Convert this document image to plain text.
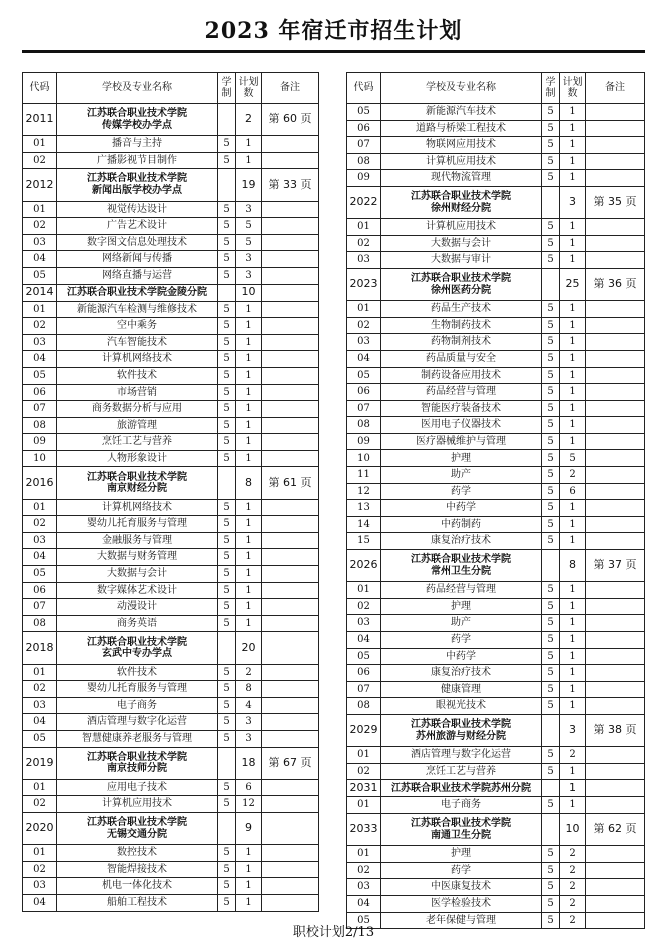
2023 年宿迁市招生计划
代码	学校及专业名称	学制	计划数	备注
2011	江苏联合职业技术学院
传媒学校办学点		2	第 60 页
01	播音与主持	5	1	
02	广播影视节目制作	5	1	
2012	江苏联合职业技术学院
新闻出版学校办学点		19	第 33 页
01	视觉传达设计	5	3	
02	广告艺术设计	5	5	
03	数字图文信息处理技术	5	5	
04	网络新闻与传播	5	3	
05	网络直播与运营	5	3	
2014	江苏联合职业技术学院金陵分院		10	
01	新能源汽车检测与维修技术	5	1	
02	空中乘务	5	1	
03	汽车智能技术	5	1	
04	计算机网络技术	5	1	
05	软件技术	5	1	
06	市场营销	5	1	
07	商务数据分析与应用	5	1	
08	旅游管理	5	1	
09	烹饪工艺与营养	5	1	
10	人物形象设计	5	1	
2016	江苏联合职业技术学院
南京财经分院		8	第 61 页
01	计算机网络技术	5	1	
02	婴幼儿托育服务与管理	5	1	
03	金融服务与管理	5	1	
04	大数据与财务管理	5	1	
05	大数据与会计	5	1	
06	数字媒体艺术设计	5	1	
07	动漫设计	5	1	
08	商务英语	5	1	
2018	江苏联合职业技术学院
玄武中专办学点		20	
01	软件技术	5	2	
02	婴幼儿托育服务与管理	5	8	
03	电子商务	5	4	
04	酒店管理与数字化运营	5	3	
05	智慧健康养老服务与管理	5	3	
2019	江苏联合职业技术学院
南京技师分院		18	第 67 页
01	应用电子技术	5	6	
02	计算机应用技术	5	12	
2020	江苏联合职业技术学院
无锡交通分院		9	
01	数控技术	5	1	
02	智能焊接技术	5	1	
03	机电一体化技术	5	1	
04	船舶工程技术	5	1	
代码	学校及专业名称	学制	计划数	备注
05	新能源汽车技术	5	1	
06	道路与桥梁工程技术	5	1	
07	物联网应用技术	5	1	
08	计算机应用技术	5	1	
09	现代物流管理	5	1	
2022	江苏联合职业技术学院
徐州财经分院		3	第 35 页
01	计算机应用技术	5	1	
02	大数据与会计	5	1	
03	大数据与审计	5	1	
2023	江苏联合职业技术学院
徐州医药分院		25	第 36 页
01	药品生产技术	5	1	
02	生物制药技术	5	1	
03	药物制剂技术	5	1	
04	药品质量与安全	5	1	
05	制药设备应用技术	5	1	
06	药品经营与管理	5	1	
07	智能医疗装备技术	5	1	
08	医用电子仪器技术	5	1	
09	医疗器械维护与管理	5	1	
10	护理	5	5	
11	助产	5	2	
12	药学	5	6	
13	中药学	5	1	
14	中药制药	5	1	
15	康复治疗技术	5	1	
2026	江苏联合职业技术学院
常州卫生分院		8	第 37 页
01	药品经营与管理	5	1	
02	护理	5	1	
03	助产	5	1	
04	药学	5	1	
05	中药学	5	1	
06	康复治疗技术	5	1	
07	健康管理	5	1	
08	眼视光技术	5	1	
2029	江苏联合职业技术学院
苏州旅游与财经分院		3	第 38 页
01	酒店管理与数字化运营	5	2	
02	烹饪工艺与营养	5	1	
2031	江苏联合职业技术学院苏州分院		1	
01	电子商务	5	1	
2033	江苏联合职业技术学院
南通卫生分院		10	第 62 页
01	护理	5	2	
02	药学	5	2	
03	中医康复技术	5	2	
04	医学检验技术	5	2	
05	老年保健与管理	5	2	
职校计划2/13
